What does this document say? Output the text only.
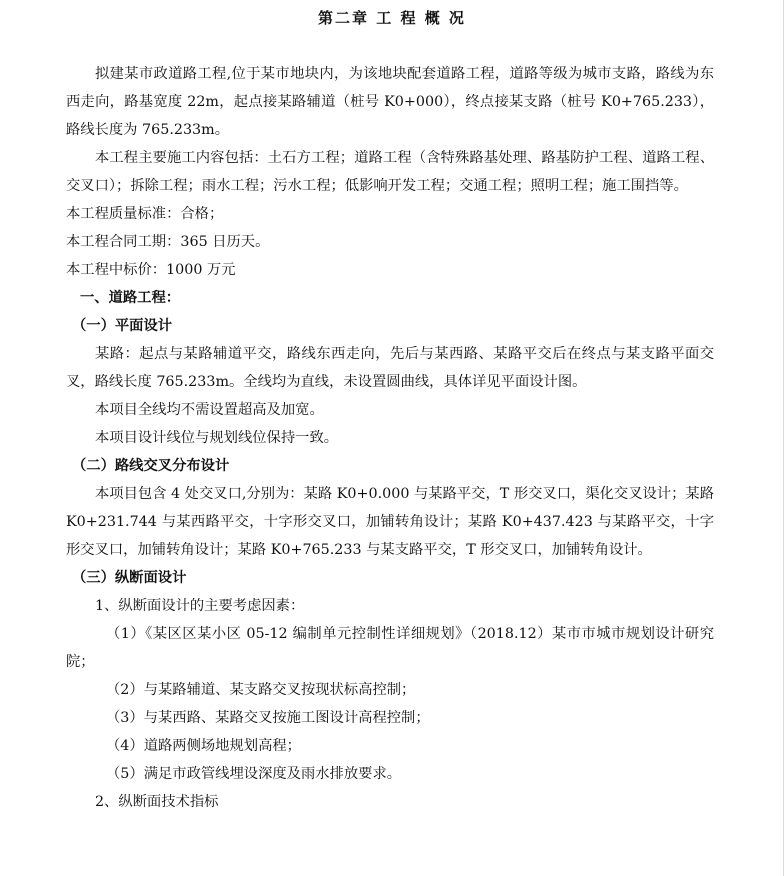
第二章 工 程 概 况

拟建某市政道路工程,位于某市地块内，为该地块配套道路工程，道路等级为城市支路，路线为东西走向，路基宽度 22m，起点接某路辅道（桩号 K0+000），终点接某支路（桩号 K0+765.233），路线长度为 765.233m。

本工程主要施工内容包括：土石方工程；道路工程（含特殊路基处理、路基防护工程、道路工程、交叉口）；拆除工程；雨水工程；污水工程；低影响开发工程；交通工程；照明工程；施工围挡等。

本工程质量标准：合格；

本工程合同工期：365 日历天。

本工程中标价：1000 万元

一、道路工程：

（一）平面设计

某路：起点与某路辅道平交，路线东西走向，先后与某西路、某路平交后在终点与某支路平面交叉，路线长度 765.233m。全线均为直线，未设置圆曲线，具体详见平面设计图。

本项目全线均不需设置超高及加宽。

本项目设计线位与规划线位保持一致。

（二）路线交叉分布设计

本项目包含 4 处交叉口,分别为：某路 K0+0.000 与某路平交，T 形交叉口，渠化交叉设计；某路 K0+231.744 与某西路平交，十字形交叉口，加铺转角设计；某路 K0+437.423 与某路平交，十字形交叉口，加铺转角设计；某路 K0+765.233 与某支路平交，T 形交叉口，加铺转角设计。

（三）纵断面设计

1、纵断面设计的主要考虑因素：

（1）《某区区某小区 05-12 编制单元控制性详细规划》（2018.12）某市市城市规划设计研究院；

（2）与某路辅道、某支路交叉按现状标高控制；

（3）与某西路、某路交叉按施工图设计高程控制；

（4）道路两侧场地规划高程；

（5）满足市政管线埋设深度及雨水排放要求。

2、纵断面技术指标
